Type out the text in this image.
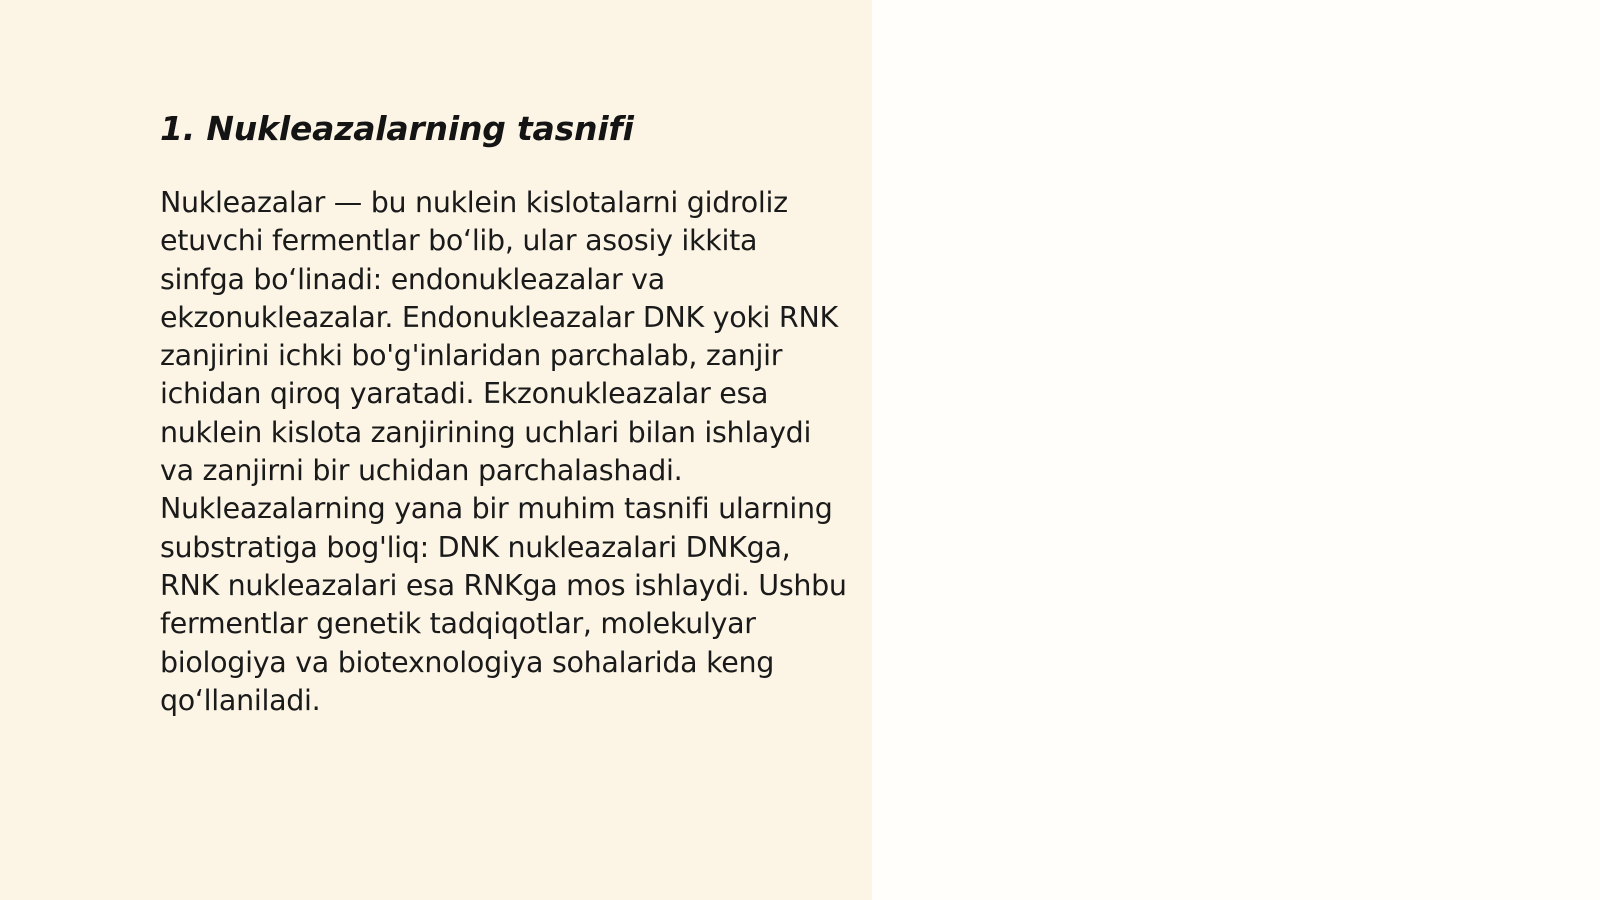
1. Nukleazalarning tasnifi

Nukleazalar — bu nuklein kislotalarni gidroliz etuvchi fermentlar bo‘lib, ular asosiy ikkita sinfga bo‘linadi: endonukleazalar va ekzonukleazalar. Endonukleazalar DNK yoki RNK zanjirini ichki bo'g'inlaridan parchalab, zanjir ichidan qiroq yaratadi. Ekzonukleazalar esa nuklein kislota zanjirining uchlari bilan ishlaydi va zanjirni bir uchidan parchalashadi. Nukleazalarning yana bir muhim tasnifi ularning substratiga bog'liq: DNK nukleazalari DNKga, RNK nukleazalari esa RNKga mos ishlaydi. Ushbu fermentlar genetik tadqiqotlar, molekulyar biologiya va biotexnologiya sohalarida keng qo‘llaniladi.
